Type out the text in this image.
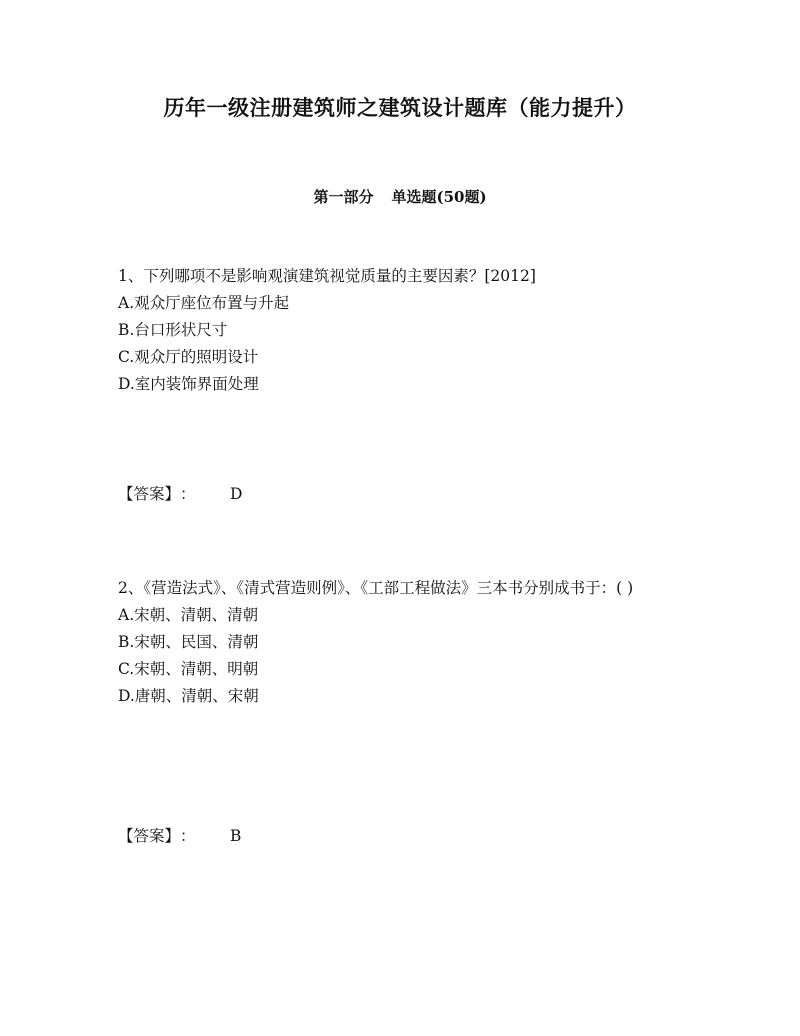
历年一级注册建筑师之建筑设计题库（能力提升）
第一部分 单选题(50题)

1、下列哪项不是影响观演建筑视觉质量的主要因素？[2012]

A.观众厅座位布置与升起

B.台口形状尺寸

C.观众厅的照明设计

D.室内装饰界面处理

【答案】： D

2、《营造法式》、《清式营造则例》、《工部工程做法》三本书分别成书于：( )

A.宋朝、清朝、清朝

B.宋朝、民国、清朝

C.宋朝、清朝、明朝

D.唐朝、清朝、宋朝

【答案】： B
